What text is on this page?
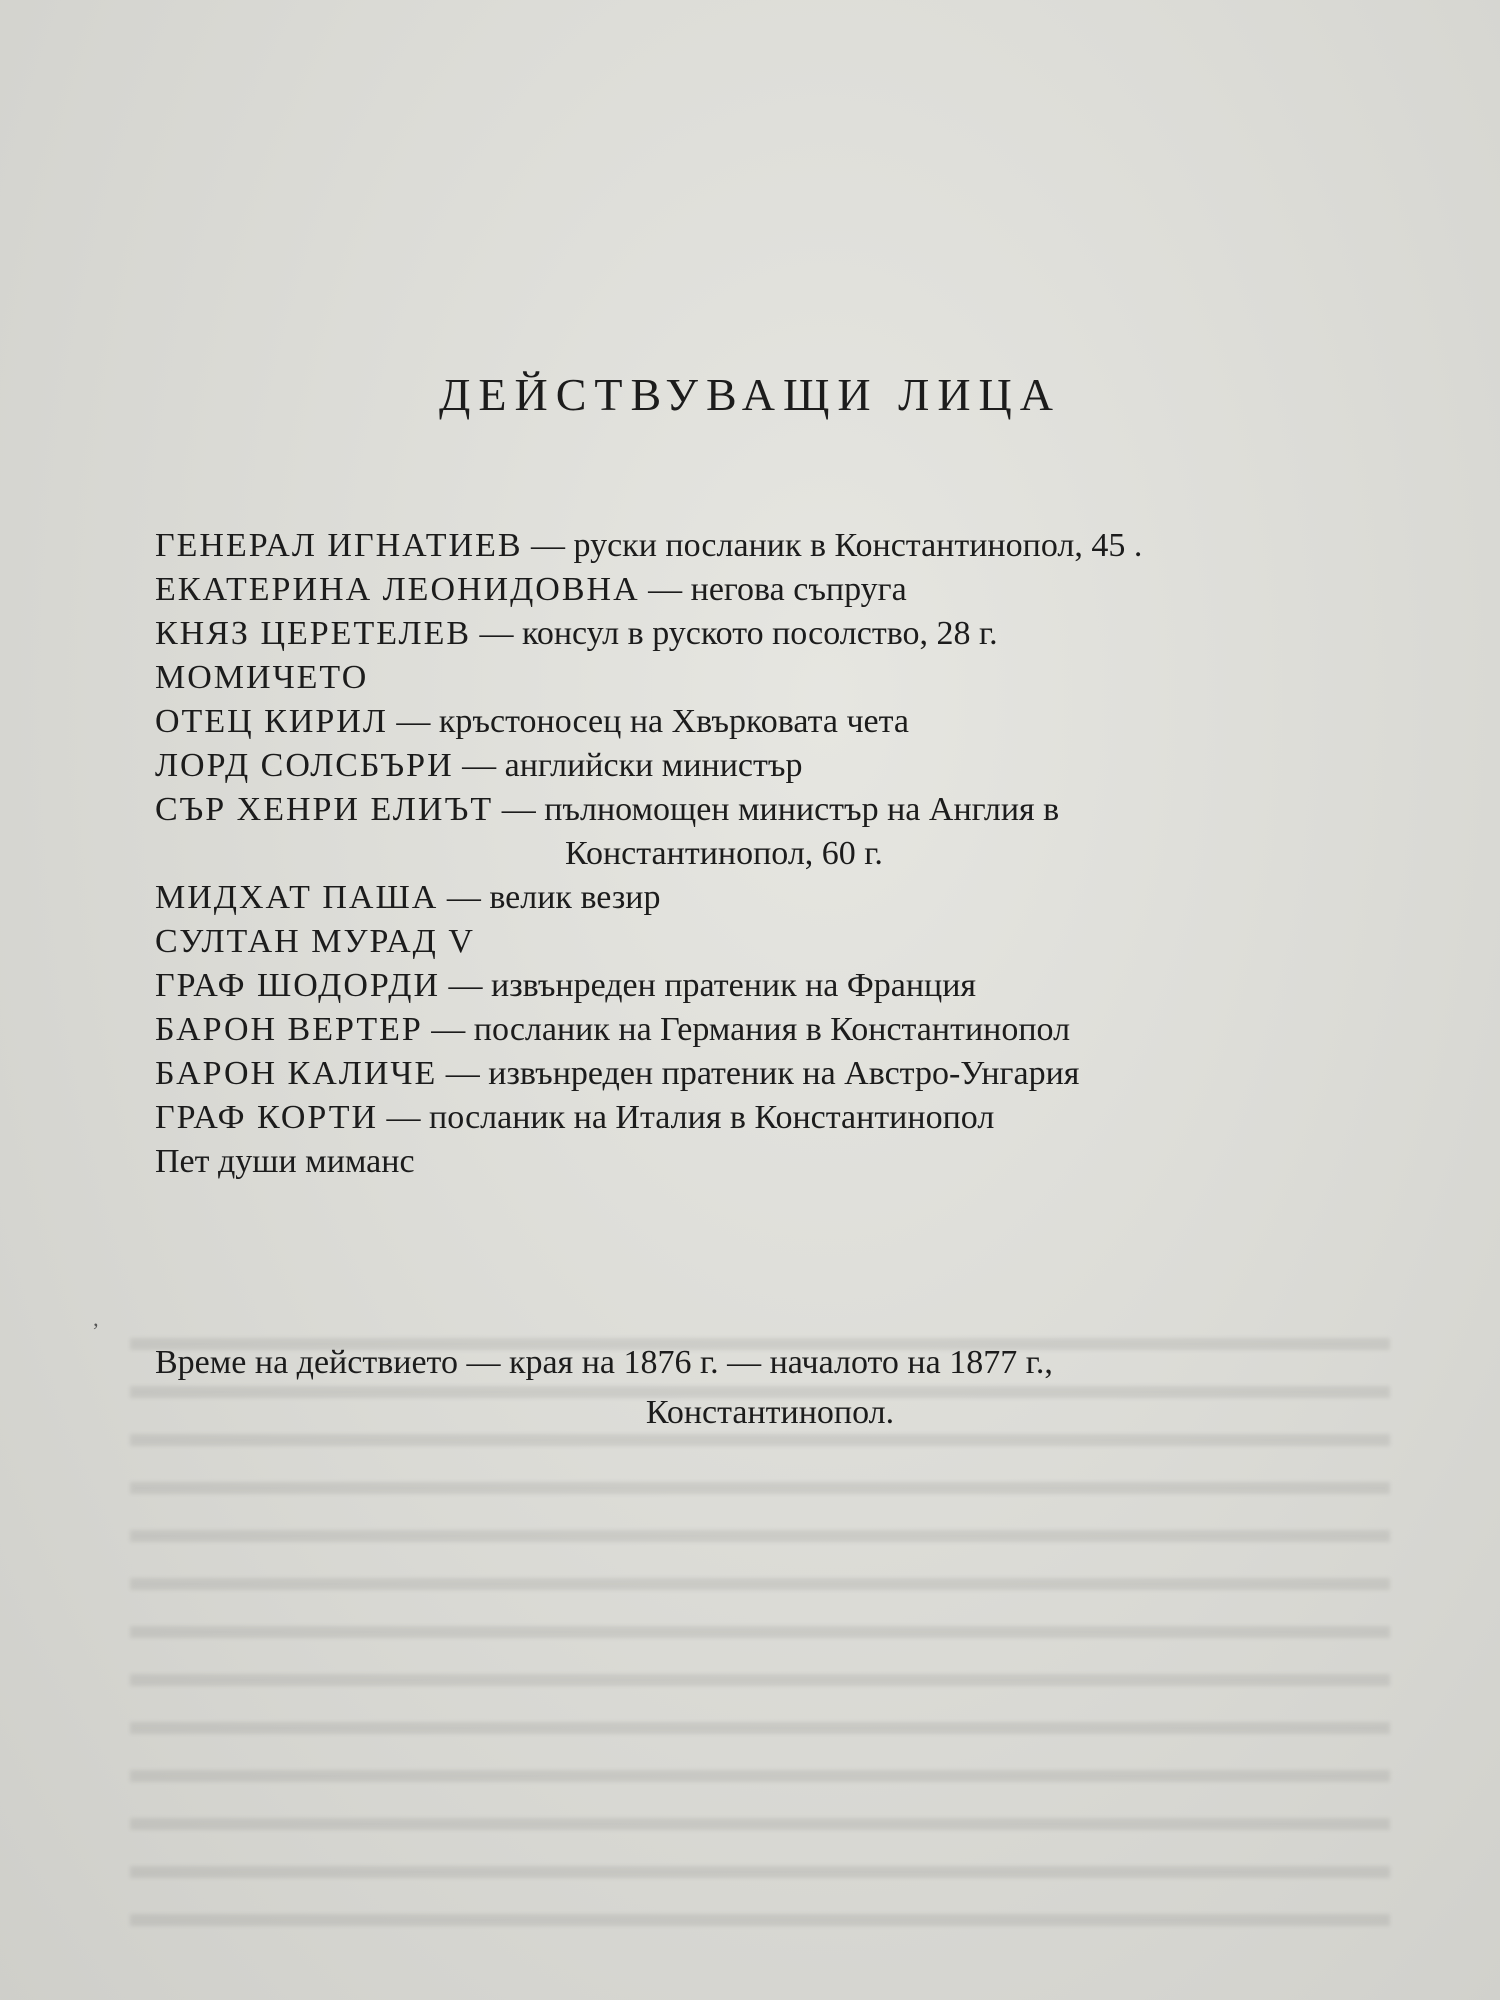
ДЕЙСТВУВАЩИ ЛИЦА
ГЕНЕРАЛ ИГНАТИЕВ — руски посланик в Константинопол, 45 .
ЕКАТЕРИНА ЛЕОНИДОВНА — негова съпруга
КНЯЗ ЦЕРЕТЕЛЕВ — консул в руското посолство, 28 г.
МОМИЧЕТО
ОТЕЦ КИРИЛ — кръстоносец на Хвърковата чета
ЛОРД СОЛСБЪРИ — английски министър
СЪР ХЕНРИ ЕЛИЪТ — пълномощен министър на Англия в
Константинопол, 60 г.
МИДХАТ ПАША — велик везир
СУЛТАН МУРАД V
ГРАФ ШОДОРДИ — извънреден пратеник на Франция
БАРОН ВЕРТЕР — посланик на Германия в Константинопол
БАРОН КАЛИЧЕ — извънреден пратеник на Австро-Унгария
ГРАФ КОРТИ — посланик на Италия в Константинопол
Пет души миманс
’
Време на действието — края на 1876 г. — началото на 1877 г.,
Константинопол.
